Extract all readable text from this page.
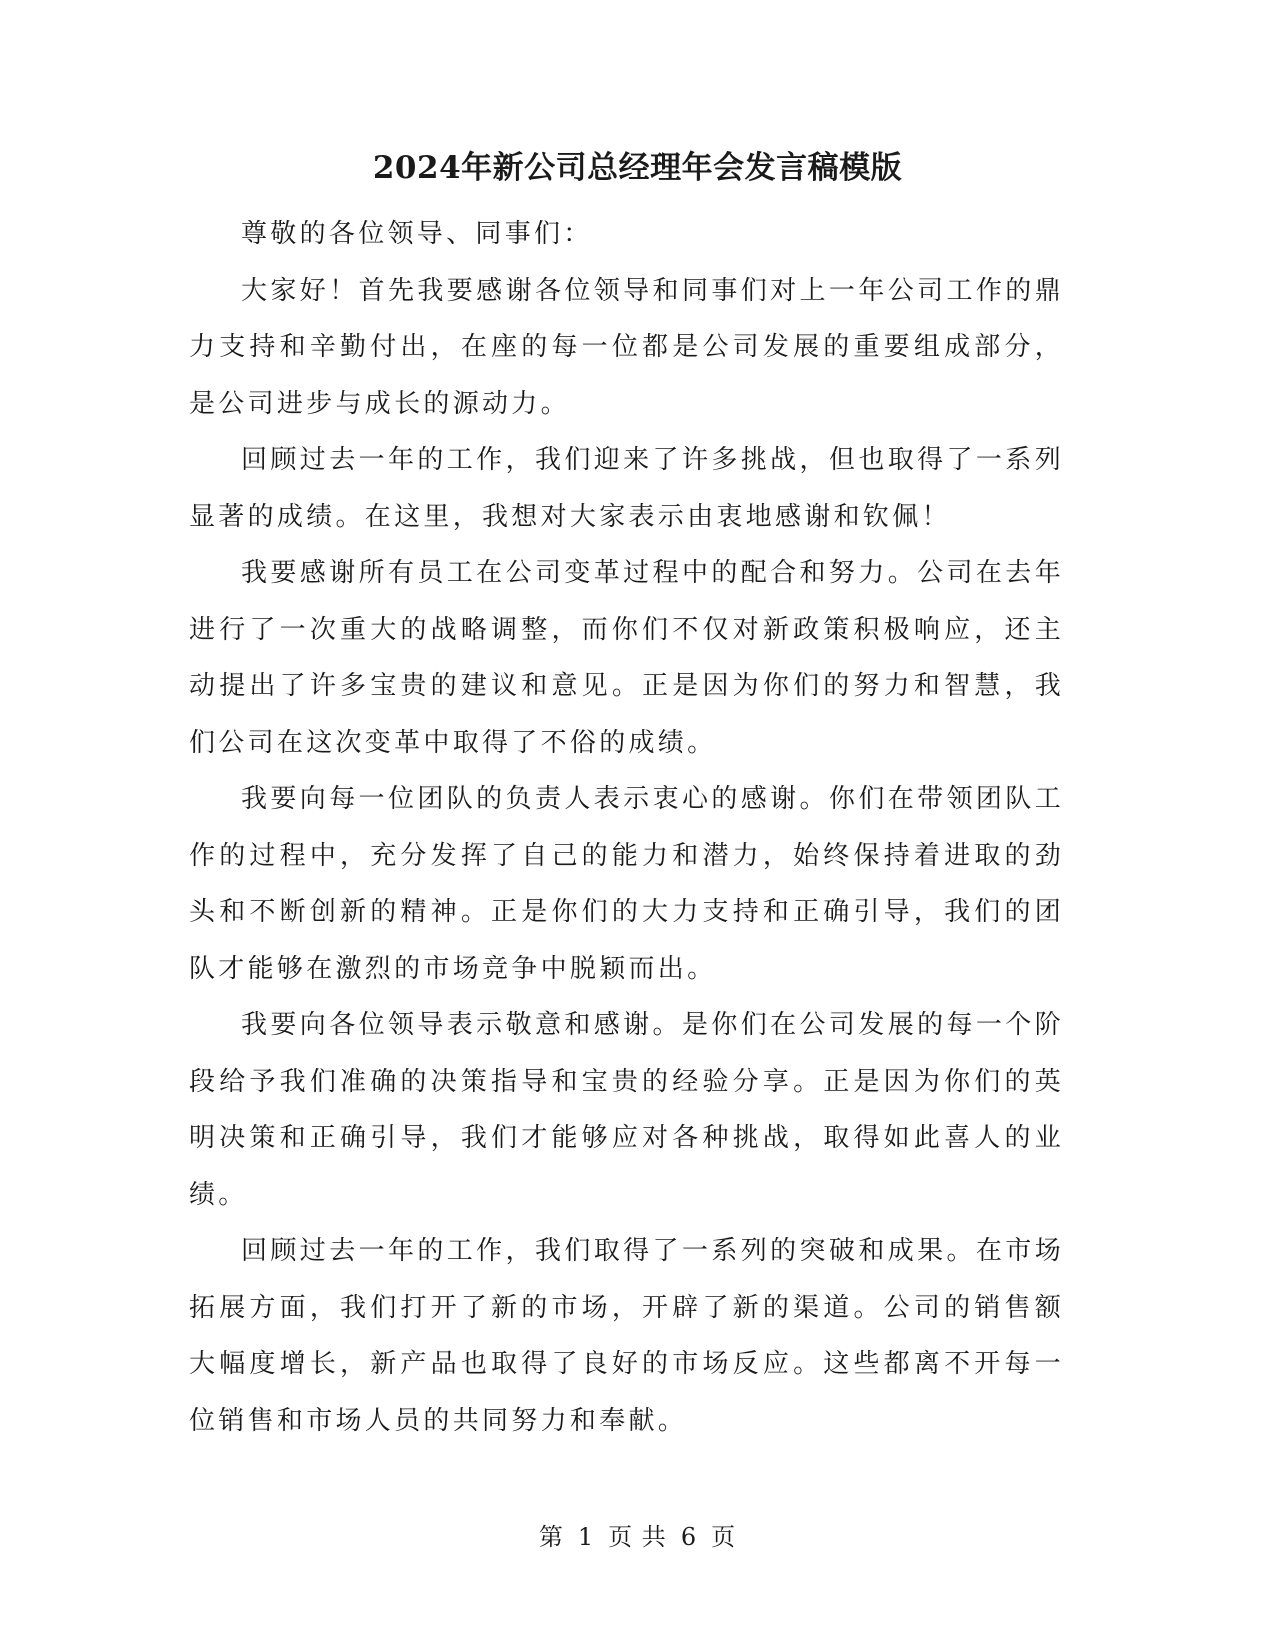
2024年新公司总经理年会发言稿模版

尊敬的各位领导、同事们：

大家好！首先我要感谢各位领导和同事们对上一年公司工作的鼎力支持和辛勤付出，在座的每一位都是公司发展的重要组成部分，是公司进步与成长的源动力。

回顾过去一年的工作，我们迎来了许多挑战，但也取得了一系列显著的成绩。在这里，我想对大家表示由衷地感谢和钦佩！

我要感谢所有员工在公司变革过程中的配合和努力。公司在去年进行了一次重大的战略调整，而你们不仅对新政策积极响应，还主动提出了许多宝贵的建议和意见。正是因为你们的努力和智慧，我们公司在这次变革中取得了不俗的成绩。

我要向每一位团队的负责人表示衷心的感谢。你们在带领团队工作的过程中，充分发挥了自己的能力和潜力，始终保持着进取的劲头和不断创新的精神。正是你们的大力支持和正确引导，我们的团队才能够在激烈的市场竞争中脱颖而出。

我要向各位领导表示敬意和感谢。是你们在公司发展的每一个阶段给予我们准确的决策指导和宝贵的经验分享。正是因为你们的英明决策和正确引导，我们才能够应对各种挑战，取得如此喜人的业绩。

回顾过去一年的工作，我们取得了一系列的突破和成果。在市场拓展方面，我们打开了新的市场，开辟了新的渠道。公司的销售额大幅度增长，新产品也取得了良好的市场反应。这些都离不开每一位销售和市场人员的共同努力和奉献。

第 1 页 共 6 页
